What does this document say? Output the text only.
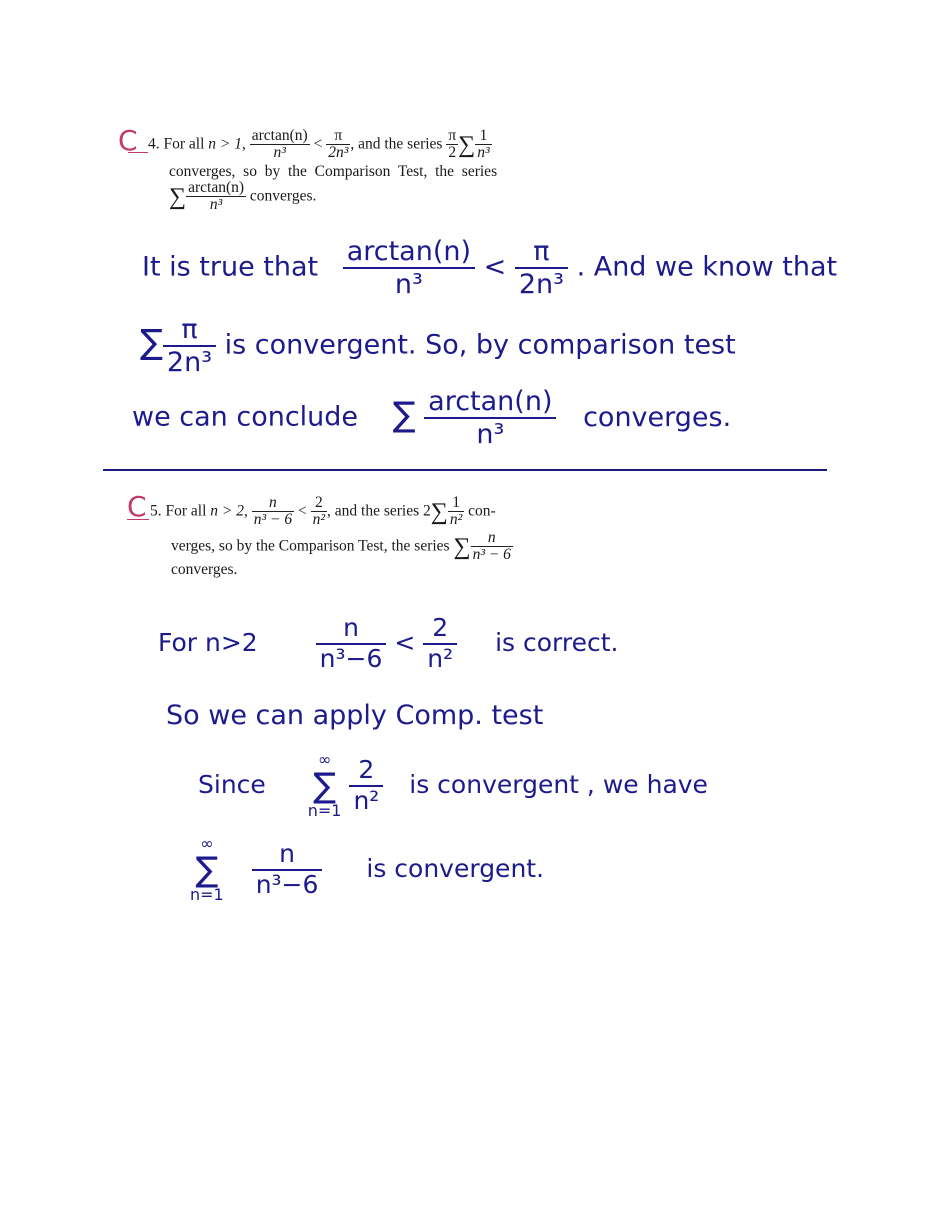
C 4. For all n > 1, $\frac{\arctan(n)}{\text{n³}} < \frac{\pi}{\text{2n³}}$ , and the series $\frac{\pi}{2}$ ∑ $\frac{1}{\text{n³}}$
converges,  so  by  the  Comparison  Test,  the  series
∑ $\frac{\arctan(n)}{\text{n³}}$ converges.
It is true that $\frac{\arctan(n)}{\text{n³}} < \frac{\pi}{\text{2n³}}$ . And we know that
∑ $\frac{\pi}{\text{2n³}}$ is convergent. So, by comparison test
we can conclude ∑ $\frac{\arctan(n)}{\text{n³}}$ converges.
C 5. For all n > 2, $\frac{n}{\text{n³ − 6}} < \frac{2}{\text{n²}}$ , and the series $2\sum \frac{1}{\text{n²}} con-$
verges, so by the Comparison Test, the series ∑ $\frac{n}{\text{n³ − 6}}$
converges.
For $n>2 \frac{n}{\text{n³−6}} < \frac{2}{\text{n²}}$ is correct.
So we can apply Comp. test
Since
∞
∑
n=1
$\frac{2}{\text{n²}}$ is convergent , we have
∞
∑
n=1
$\frac{n}{\text{n³−6}}$ is convergent.
